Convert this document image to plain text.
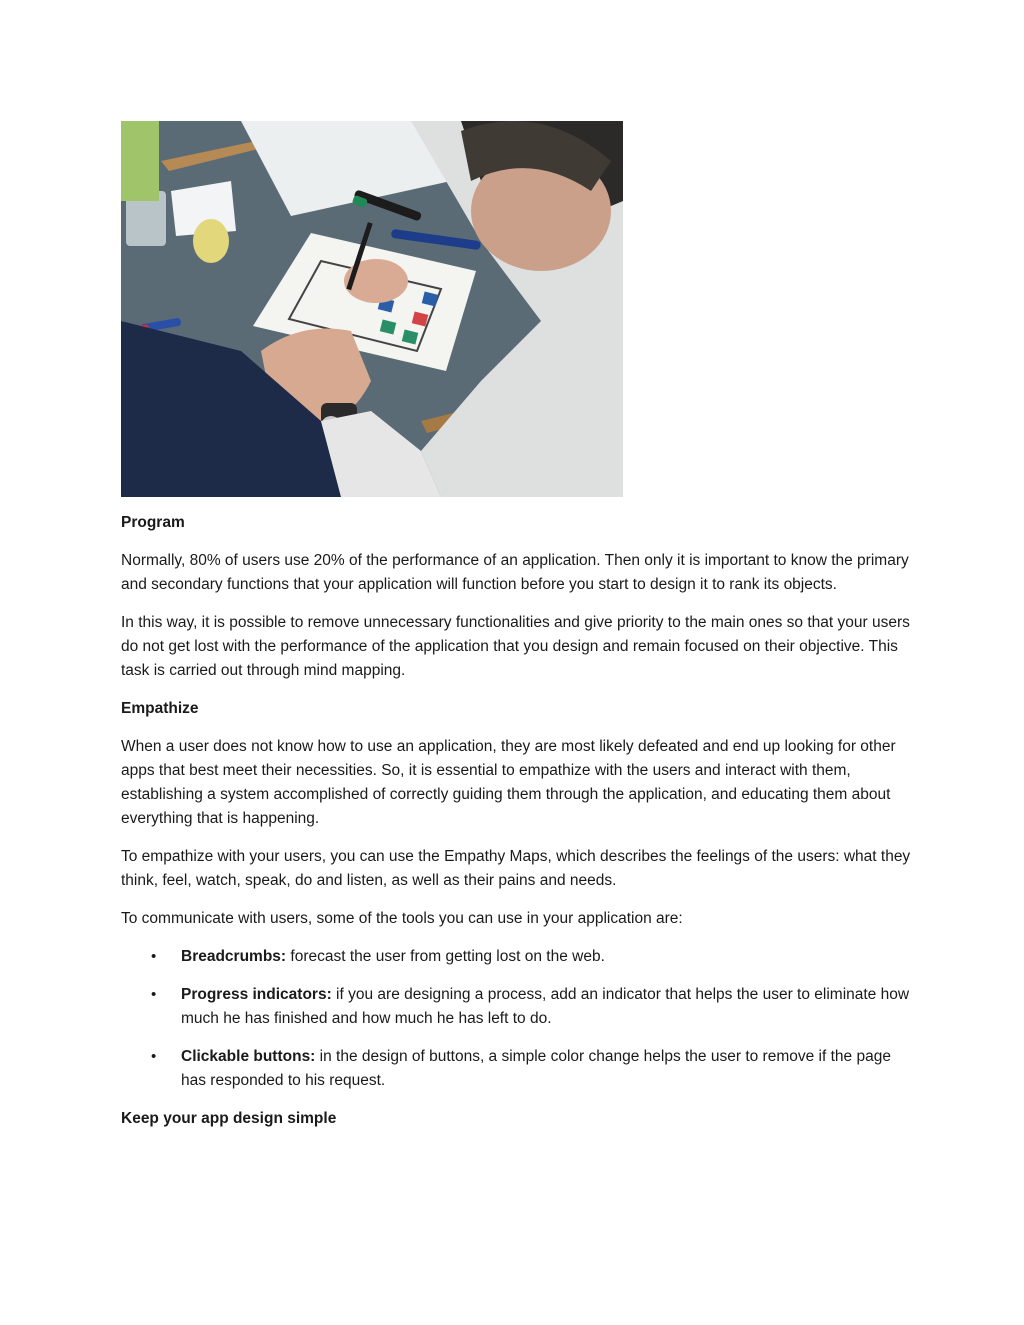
Program

Normally, 80% of users use 20% of the performance of an application. Then only it is important to know the primary and secondary functions that your application will function before you start to design it to rank its objects.

In this way, it is possible to remove unnecessary functionalities and give priority to the main ones so that your users do not get lost with the performance of the application that you design and remain focused on their objective. This task is carried out through mind mapping.

Empathize

When a user does not know how to use an application, they are most likely defeated and end up looking for other apps that best meet their necessities. So, it is essential to empathize with the users and interact with them, establishing a system accomplished of correctly guiding them through the application, and educating them about everything that is happening.

To empathize with your users, you can use the Empathy Maps, which describes the feelings of the users: what they think, feel, watch, speak, do and listen, as well as their pains and needs.

To communicate with users, some of the tools you can use in your application are:

• Breadcrumbs: forecast the user from getting lost on the web.
• Progress indicators: if you are designing a process, add an indicator that helps the user to eliminate how much he has finished and how much he has left to do.
• Clickable buttons: in the design of buttons, a simple color change helps the user to remove if the page has responded to his request.
Keep your app design simple
